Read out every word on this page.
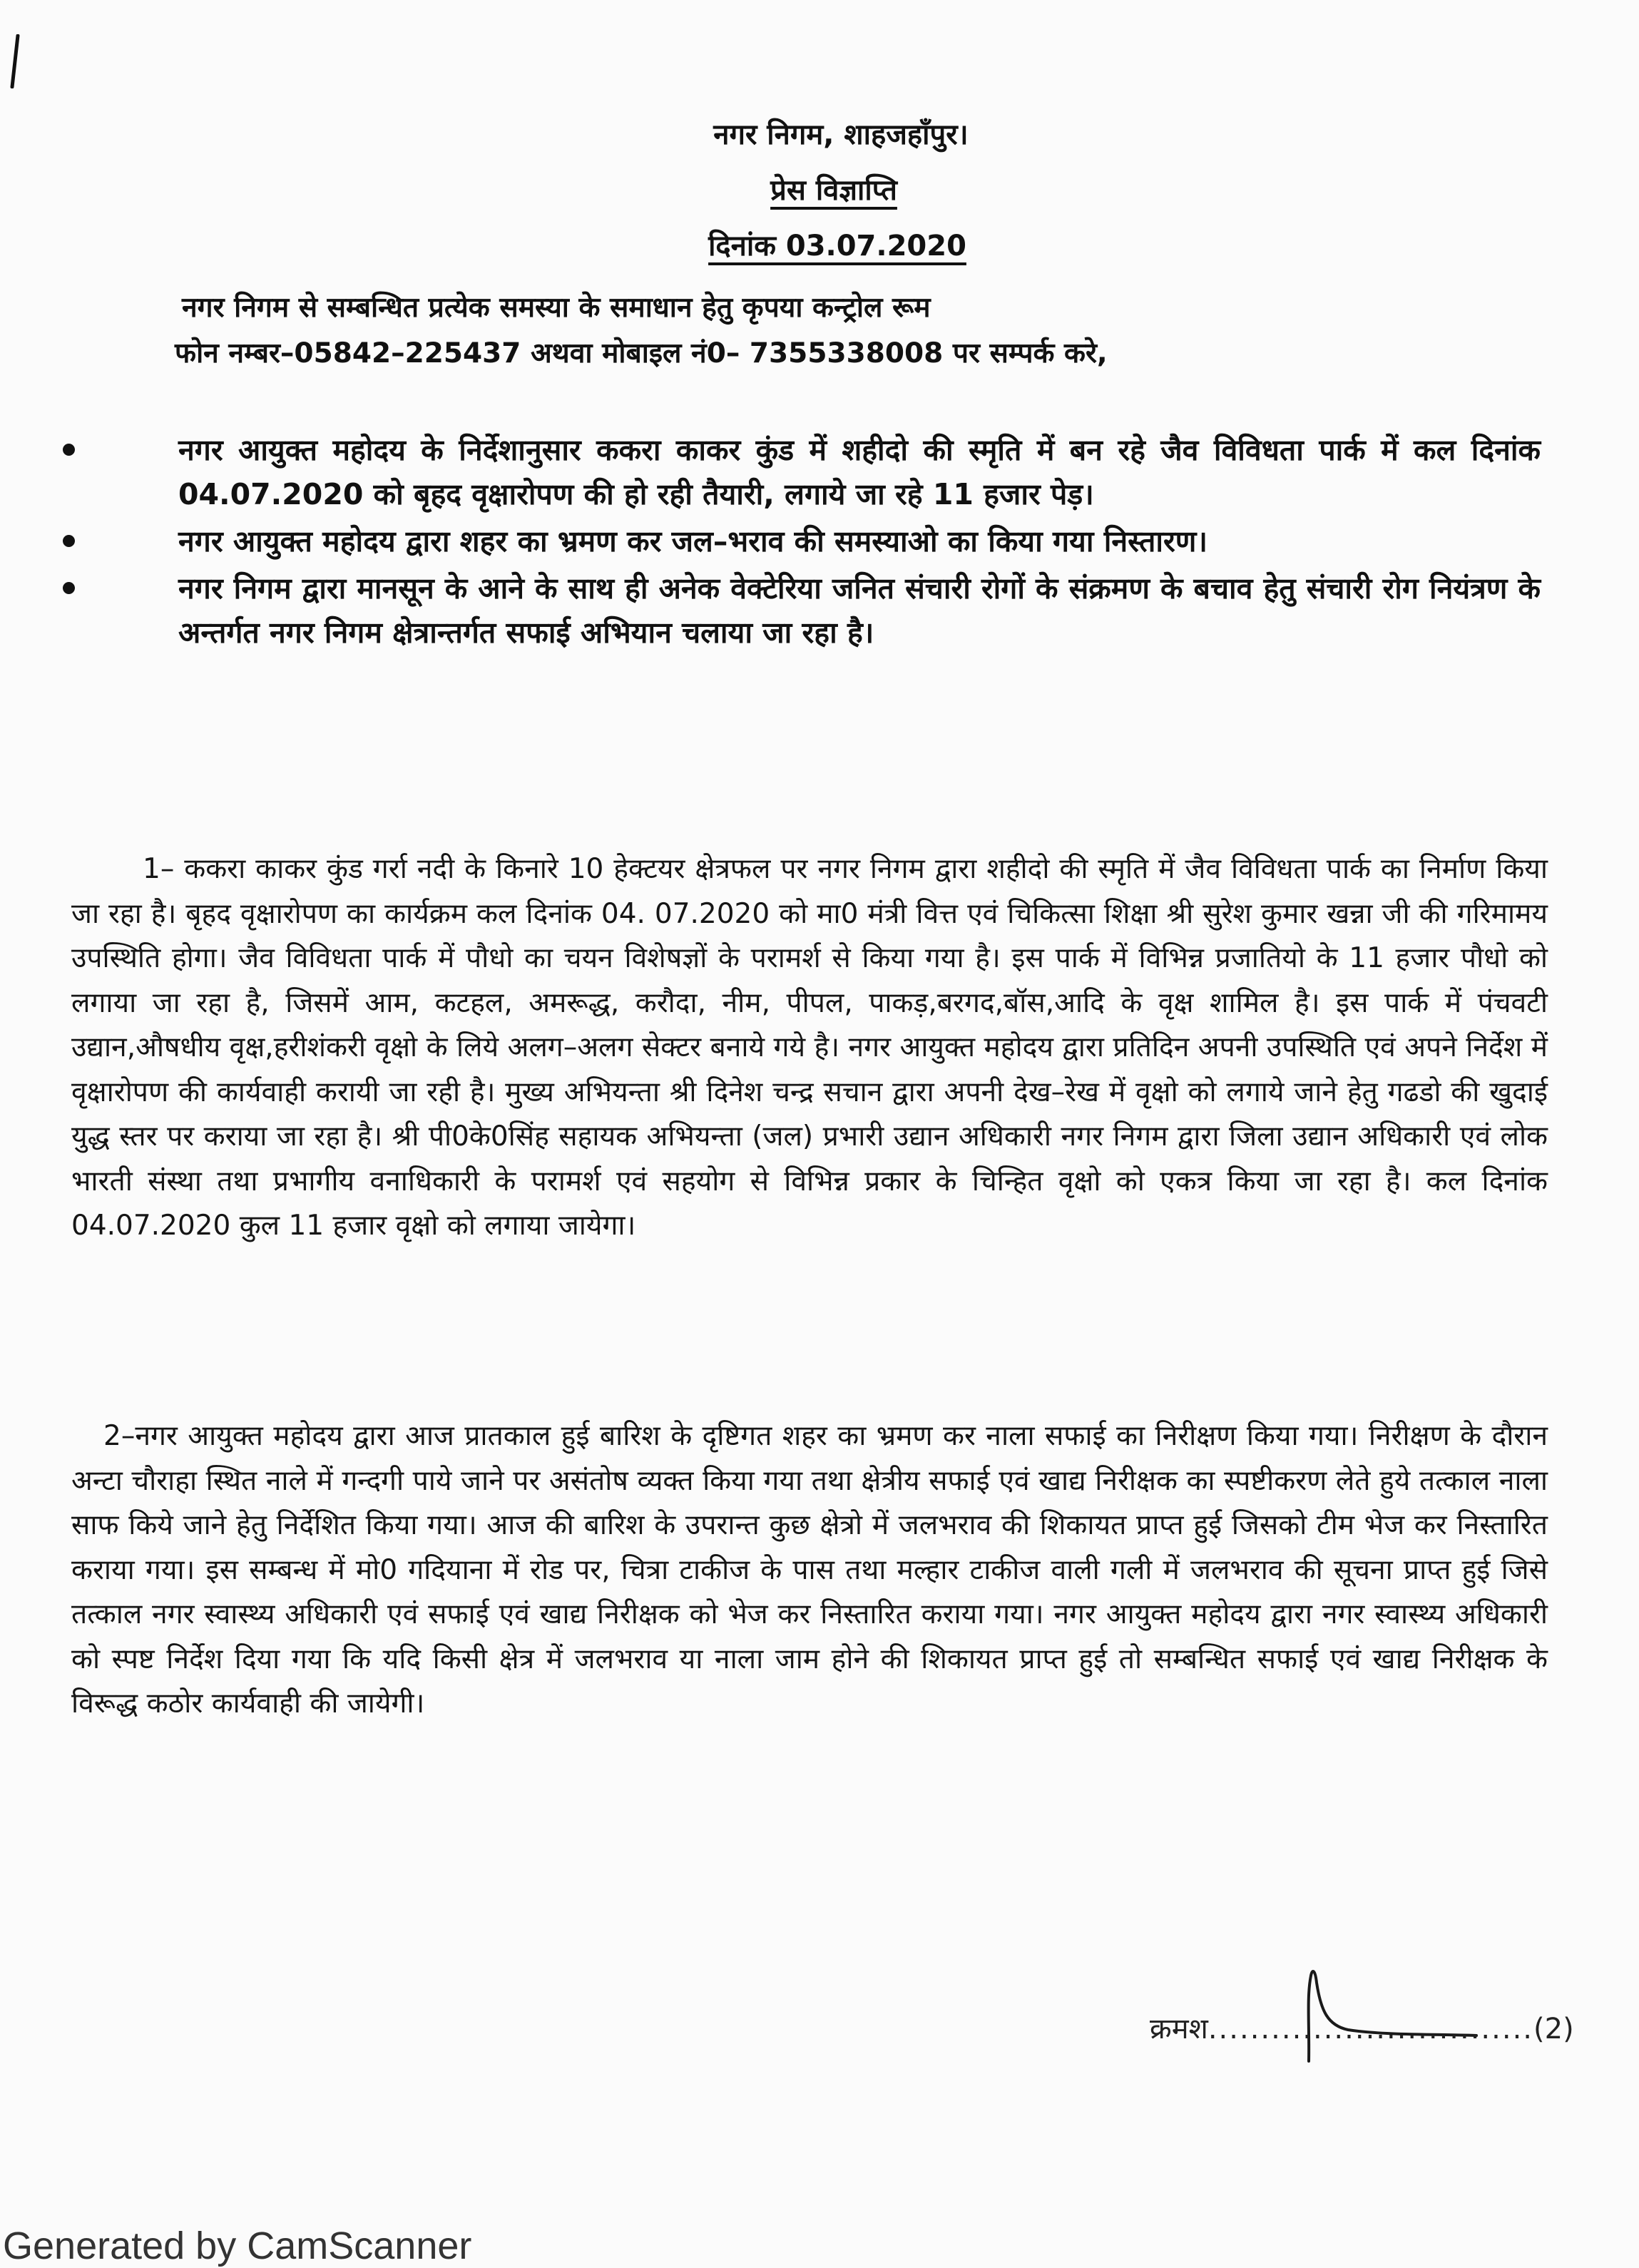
नगर निगम, शाहजहाँपुर।
प्रेस विज्ञाप्ति
दिनांक 03.07.2020
नगर निगम से सम्बन्धित प्रत्येक समस्या के समाधान हेतु कृपया कन्ट्रोल रूम
फोन नम्बर–05842–225437 अथवा मोबाइल नं0– 7355338008 पर सम्पर्क करे,
नगर आयुक्त महोदय के निर्देशानुसार ककरा काकर कुंड में शहीदो की स्मृति में बन रहे जैव विविधता पार्क में कल दिनांक 04.07.2020 को बृहद वृक्षारोपण की हो रही तैयारी, लगाये जा रहे 11 हजार पेड़।
नगर आयुक्त महोदय द्वारा शहर का भ्रमण कर जल–भराव की समस्याओ का किया गया निस्तारण।
नगर निगम द्वारा मानसून के आने के साथ ही अनेक वेक्टेरिया जनित संचारी रोगों के संक्रमण के बचाव हेतु संचारी रोग नियंत्रण के अन्तर्गत नगर निगम क्षेत्रान्तर्गत सफाई अभियान चलाया जा रहा है।
1– ककरा काकर कुंड गर्रा नदी के किनारे 10 हेक्टयर क्षेत्रफल पर नगर निगम द्वारा शहीदो की स्मृति में जैव विविधता पार्क का निर्माण किया जा रहा है। बृहद वृक्षारोपण का कार्यक्रम कल दिनांक 04. 07.2020 को मा0 मंत्री वित्त एवं चिकित्सा शिक्षा श्री सुरेश कुमार खन्ना जी की गरिमामय उपस्थिति होगा। जैव विविधता पार्क में पौधो का चयन विशेषज्ञों के परामर्श से किया गया है। इस पार्क में विभिन्न प्रजातियो के 11 हजार पौधो को लगाया जा रहा है, जिसमें आम, कटहल, अमरूद्ध, करौदा, नीम, पीपल, पाकड़,बरगद,बॉस,आदि के वृक्ष शामिल है। इस पार्क में पंचवटी उद्यान,औषधीय वृक्ष,हरीशंकरी वृक्षो के लिये अलग–अलग सेक्टर बनाये गये है। नगर आयुक्त महोदय द्वारा प्रतिदिन अपनी उपस्थिति एवं अपने निर्देश में वृक्षारोपण की कार्यवाही करायी जा रही है। मुख्य अभियन्ता श्री दिनेश चन्द्र सचान द्वारा अपनी देख–रेख में वृक्षो को लगाये जाने हेतु गढडो की खुदाई युद्ध स्तर पर कराया जा रहा है। श्री पी0के0सिंह सहायक अभियन्ता (जल) प्रभारी उद्यान अधिकारी नगर निगम द्वारा जिला उद्यान अधिकारी एवं लोक भारती संस्था तथा प्रभागीय वनाधिकारी के परामर्श एवं सहयोग से विभिन्न प्रकार के चिन्हित वृक्षो को एकत्र किया जा रहा है। कल दिनांक 04.07.2020 कुल 11 हजार वृक्षो को लगाया जायेगा।
2–नगर आयुक्त महोदय द्वारा आज प्रातकाल हुई बारिश के दृष्टिगत शहर का भ्रमण कर नाला सफाई का निरीक्षण किया गया। निरीक्षण के दौरान अन्टा चौराहा स्थित नाले में गन्दगी पाये जाने पर असंतोष व्यक्त किया गया तथा क्षेत्रीय सफाई एवं खाद्य निरीक्षक का स्पष्टीकरण लेते हुये तत्काल नाला साफ किये जाने हेतु निर्देशित किया गया। आज की बारिश के उपरान्त कुछ क्षेत्रो में जलभराव की शिकायत प्राप्त हुई जिसको टीम भेज कर निस्तारित कराया गया। इस सम्बन्ध में मो0 गदियाना में रोड पर, चित्रा टाकीज के पास तथा मल्हार टाकीज वाली गली में जलभराव की सूचना प्राप्त हुई जिसे तत्काल नगर स्वास्थ्य अधिकारी एवं सफाई एवं खाद्य निरीक्षक को भेज कर निस्तारित कराया गया। नगर आयुक्त महोदय द्वारा नगर स्वास्थ्य अधिकारी को स्पष्ट निर्देश दिया गया कि यदि किसी क्षेत्र में जलभराव या नाला जाम होने की शिकायत प्राप्त हुई तो सम्बन्धित सफाई एवं खाद्य निरीक्षक के विरूद्ध कठोर कार्यवाही की जायेगी।
क्रमश...............................(2)
Generated by CamScanner
